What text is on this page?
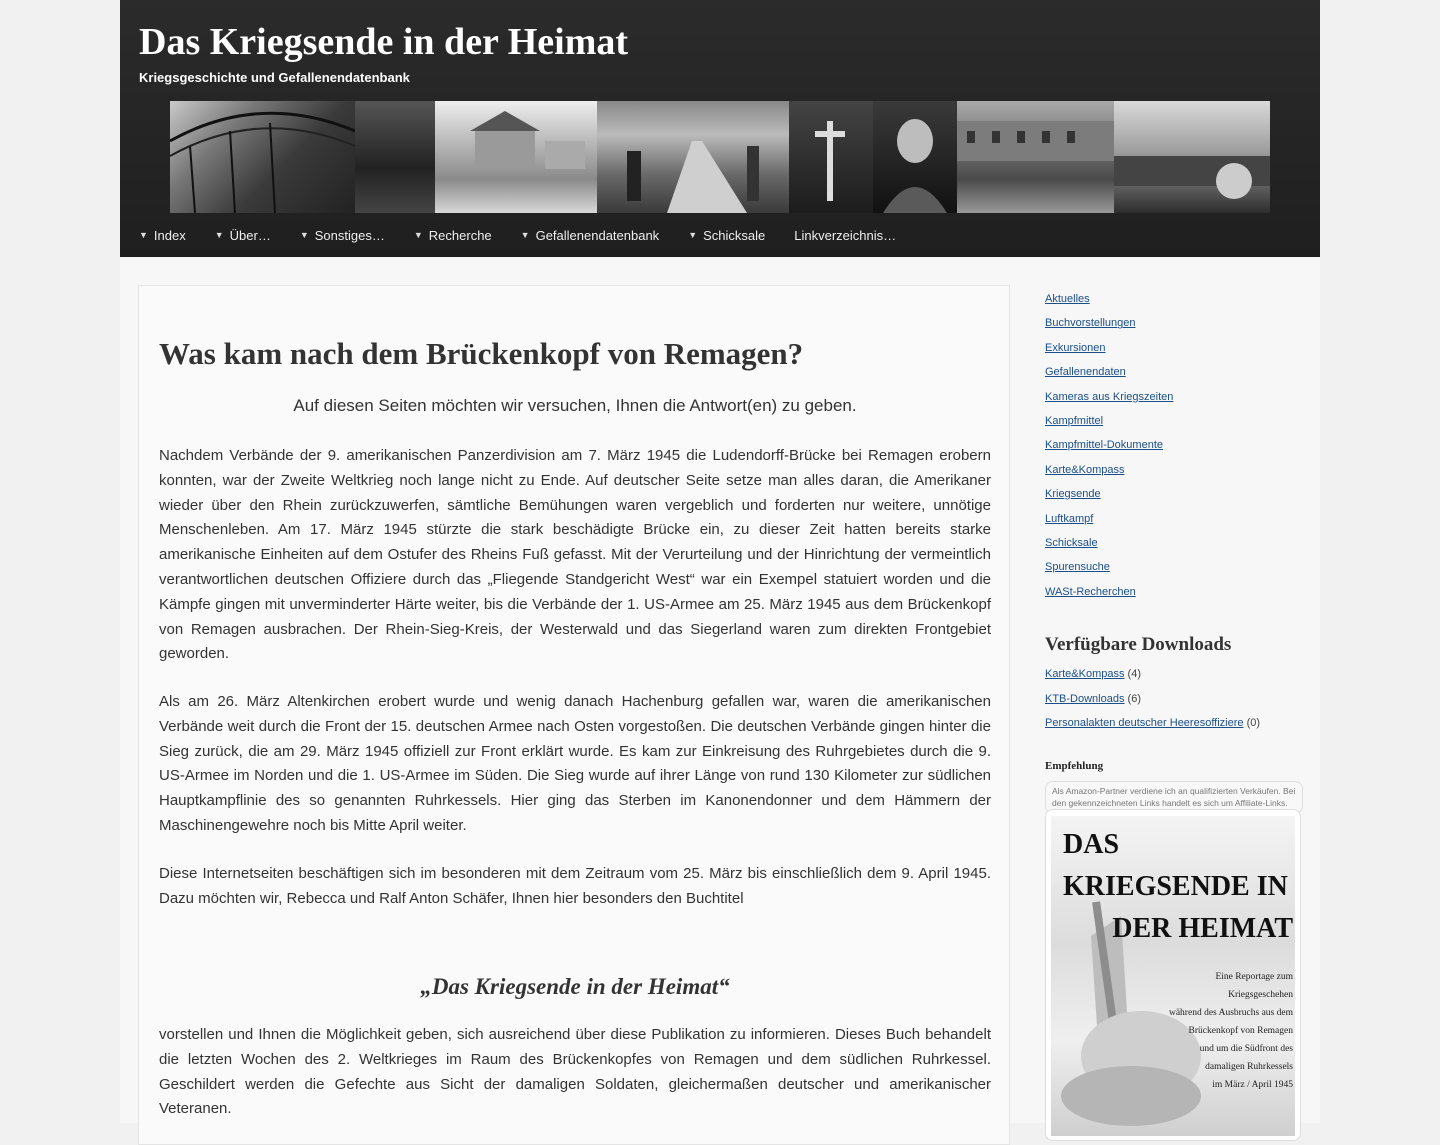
Das Kriegsende in der Heimat
Kriegsgeschichte und Gefallenendatenbank
▼ Index	▼ Über…	▼ Sonstiges…	▼ Recherche	▼ Gefallenendatenbank	▼ Schicksale Linkverzeichnis…
Was kam nach dem Brückenkopf von Remagen?
Auf diesen Seiten möchten wir versuchen, Ihnen die Antwort(en) zu geben.

Nachdem Verbände der 9. amerikanischen Panzerdivision am 7. März 1945 die Ludendorff-Brücke bei Remagen erobern konnten, war der Zweite Weltkrieg noch lange nicht zu Ende. Auf deutscher Seite setze man alles daran, die Amerikaner wieder über den Rhein zurückzuwerfen, sämtliche Bemühungen waren vergeblich und forderten nur weitere, unnötige Menschenleben. Am 17. März 1945 stürzte die stark beschädigte Brücke ein, zu dieser Zeit hatten bereits starke amerikanische Einheiten auf dem Ostufer des Rheins Fuß gefasst. Mit der Verurteilung und der Hinrichtung der vermeintlich verantwortlichen deutschen Offiziere durch das „Fliegende Standgericht West“ war ein Exempel statuiert worden und die Kämpfe gingen mit unverminderter Härte weiter, bis die Verbände der 1. US-Armee am 25. März 1945 aus dem Brückenkopf von Remagen ausbrachen. Der Rhein-Sieg-Kreis, der Westerwald und das Siegerland waren zum direkten Frontgebiet geworden.

Als am 26. März Altenkirchen erobert wurde und wenig danach Hachenburg gefallen war, waren die amerikanischen Verbände weit durch die Front der 15. deutschen Armee nach Osten vorgestoßen. Die deutschen Verbände gingen hinter die Sieg zurück, die am 29. März 1945 offiziell zur Front erklärt wurde. Es kam zur Einkreisung des Ruhrgebietes durch die 9. US-Armee im Norden und die 1. US-Armee im Süden. Die Sieg wurde auf ihrer Länge von rund 130 Kilometer zur südlichen Hauptkampflinie des so genannten Ruhrkessels. Hier ging das Sterben im Kanonendonner und dem Hämmern der Maschinengewehre noch bis Mitte April weiter.

Diese Internetseiten beschäftigen sich im besonderen mit dem Zeitraum vom 25. März bis einschließlich dem 9. April 1945. Dazu möchten wir, Rebecca und Ralf Anton Schäfer, Ihnen hier besonders den Buchtitel

„Das Kriegsende in der Heimat“

vorstellen und Ihnen die Möglichkeit geben, sich ausreichend über diese Publikation zu informieren. Dieses Buch behandelt die letzten Wochen des 2. Weltkrieges im Raum des Brückenkopfes von Remagen und dem südlichen Ruhrkessel. Geschildert werden die Gefechte aus Sicht der damaligen Soldaten, gleichermaßen deutscher und amerikanischer Veteranen.

Aktuelles
Buchvorstellungen
Exkursionen
Gefallenendaten
Kameras aus Kriegszeiten
Kampfmittel
Kampfmittel-Dokumente
Karte&Kompass
Kriegsende
Luftkampf
Schicksale
Spurensuche
WASt-Recherchen
Verfügbare Downloads
Karte&Kompass (4)
KTB-Downloads (6)
Personalakten deutscher Heeresoffiziere (0)
Empfehlung
Als Amazon-Partner verdiene ich an qualifizierten Verkäufen. Bei den gekennzeichneten Links handelt es sich um Affiliate-Links.
DAS KRIEGSENDE IN
DER HEIMAT
Eine Reportage zum Kriegsgeschehen
während des Ausbruchs aus dem
Brückenkopf von Remagen
und um die Südfront des
damaligen Ruhrkessels
im März / April 1945
